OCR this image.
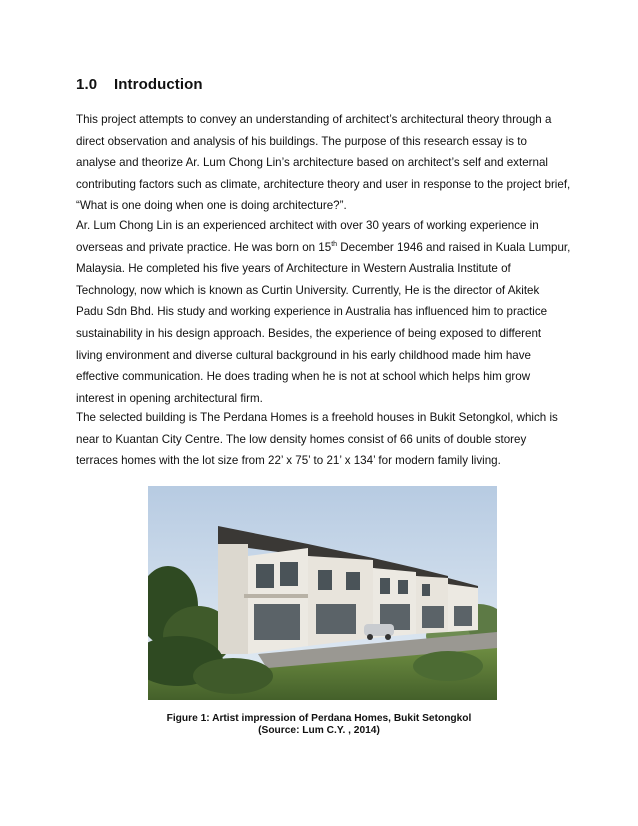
1.0 Introduction
This project attempts to convey an understanding of architect’s architectural theory through a
direct observation and analysis of his buildings. The purpose of this research essay is to
analyse and theorize Ar. Lum Chong Lin’s architecture based on architect’s self and external
contributing factors such as climate, architecture theory and user in response to the project brief,
“What is one doing when one is doing architecture?”.
Ar. Lum Chong Lin is an experienced architect with over 30 years of working experience in
overseas and private practice. He was born on 15th December 1946 and raised in Kuala Lumpur,
Malaysia. He completed his five years of Architecture in Western Australia Institute of
Technology, now which is known as Curtin University. Currently, He is the director of Akitek
Padu Sdn Bhd. His study and working experience in Australia has influenced him to practice
sustainability in his design approach. Besides, the experience of being exposed to different
living environment and diverse cultural background in his early childhood made him have
effective communication. He does trading when he is not at school which helps him grow
interest in opening architectural firm.
The selected building is The Perdana Homes is a freehold houses in Bukit Setongkol, which is
near to Kuantan City Centre. The low density homes consist of 66 units of double storey
terraces homes with the lot size from 22’ x 75’ to 21’ x 134’ for modern family living.
Figure 1: Artist impression of Perdana Homes, Bukit Setongkol
(Source: Lum C.Y. , 2014)
